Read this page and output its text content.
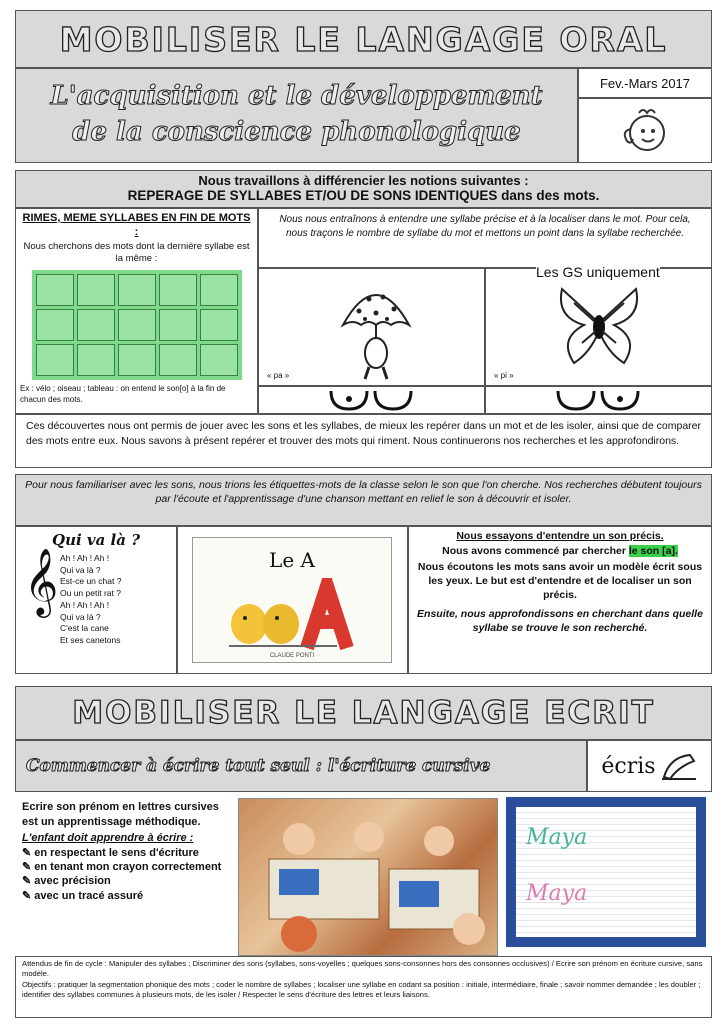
MOBILISER LE LANGAGE ORAL
L'acquisition et le développement
de la conscience phonologique
Fev.-Mars 2017
Nous travaillons à différencier les notions suivantes :
REPERAGE DE SYLLABES ET/OU DE SONS IDENTIQUES dans des mots.
RIMES, MEME SYLLABES EN FIN DE MOTS :
Nous cherchons des mots dont la dernière syllabe est la même :
Ex : vélo ; oiseau ; tableau : on entend le son[o] à la fin de chacun des mots.
Nous nous entraînons à entendre une syllabe précise et à la localiser dans le mot. Pour cela, nous traçons le nombre de syllabe du mot et mettons un point dans la syllabe recherchée.
« pa »
Les GS uniquement
« pi »
Ces découvertes nous ont permis de jouer avec les sons et les syllabes, de mieux les repérer dans un mot et de les isoler, ainsi que de comparer des mots entre eux. Nous savons à présent repérer et trouver des mots qui riment. Nous continuerons nos recherches et les approfondirons.
Pour nous familiariser avec les sons, nous trions les étiquettes-mots de la classe selon le son que l'on cherche. Nos recherches débutent toujours par l'écoute et l'apprentissage d'une chanson mettant en relief le son à découvrir et isoler.
Qui va là ?
𝄞 Ah ! Ah ! Ah !
Qui va là ?
Est-ce un chat ?
Ou un petit rat ?
Ah ! Ah ! Ah !
Qui va là ?
C'est la cane
Et ses canetons
Le A
CLAUDE PONTI
Nous essayons d'entendre un son précis.
Nous avons commencé par chercher le son [a].
Nous écoutons les mots sans avoir un modèle écrit sous les yeux. Le but est d'entendre et de localiser un son précis.
Ensuite, nous approfondissons en cherchant dans quelle syllabe se trouve le son recherché.
MOBILISER LE LANGAGE ECRIT
Commencer à écrire tout seul : l'écriture cursive	écris
Ecrire son prénom en lettres cursives est un apprentissage méthodique.
L'enfant doit apprendre à écrire :
✎ en respectant le sens d'écriture
✎ en tenant mon crayon correctement
✎ avec précision
✎ avec un tracé assuré
Maya
Maya
Attendus de fin de cycle : Manipuler des syllabes ; Discriminer des sons (syllabes, sons-voyelles ; quelques sons-consonnes hors des consonnes occlusives) / Ecrire son prénom en écriture cursive, sans modèle.
Objectifs : pratiquer la segmentation phonique des mots ; coder le nombre de syllabes ; localiser une syllabe en codant sa position : initiale, intermédiaire, finale ; savoir nommer demandée ; les doubler ; identifier des syllabes communes à plusieurs mots, de les isoler / Respecter le sens d'écriture des lettres et leurs liaisons.
